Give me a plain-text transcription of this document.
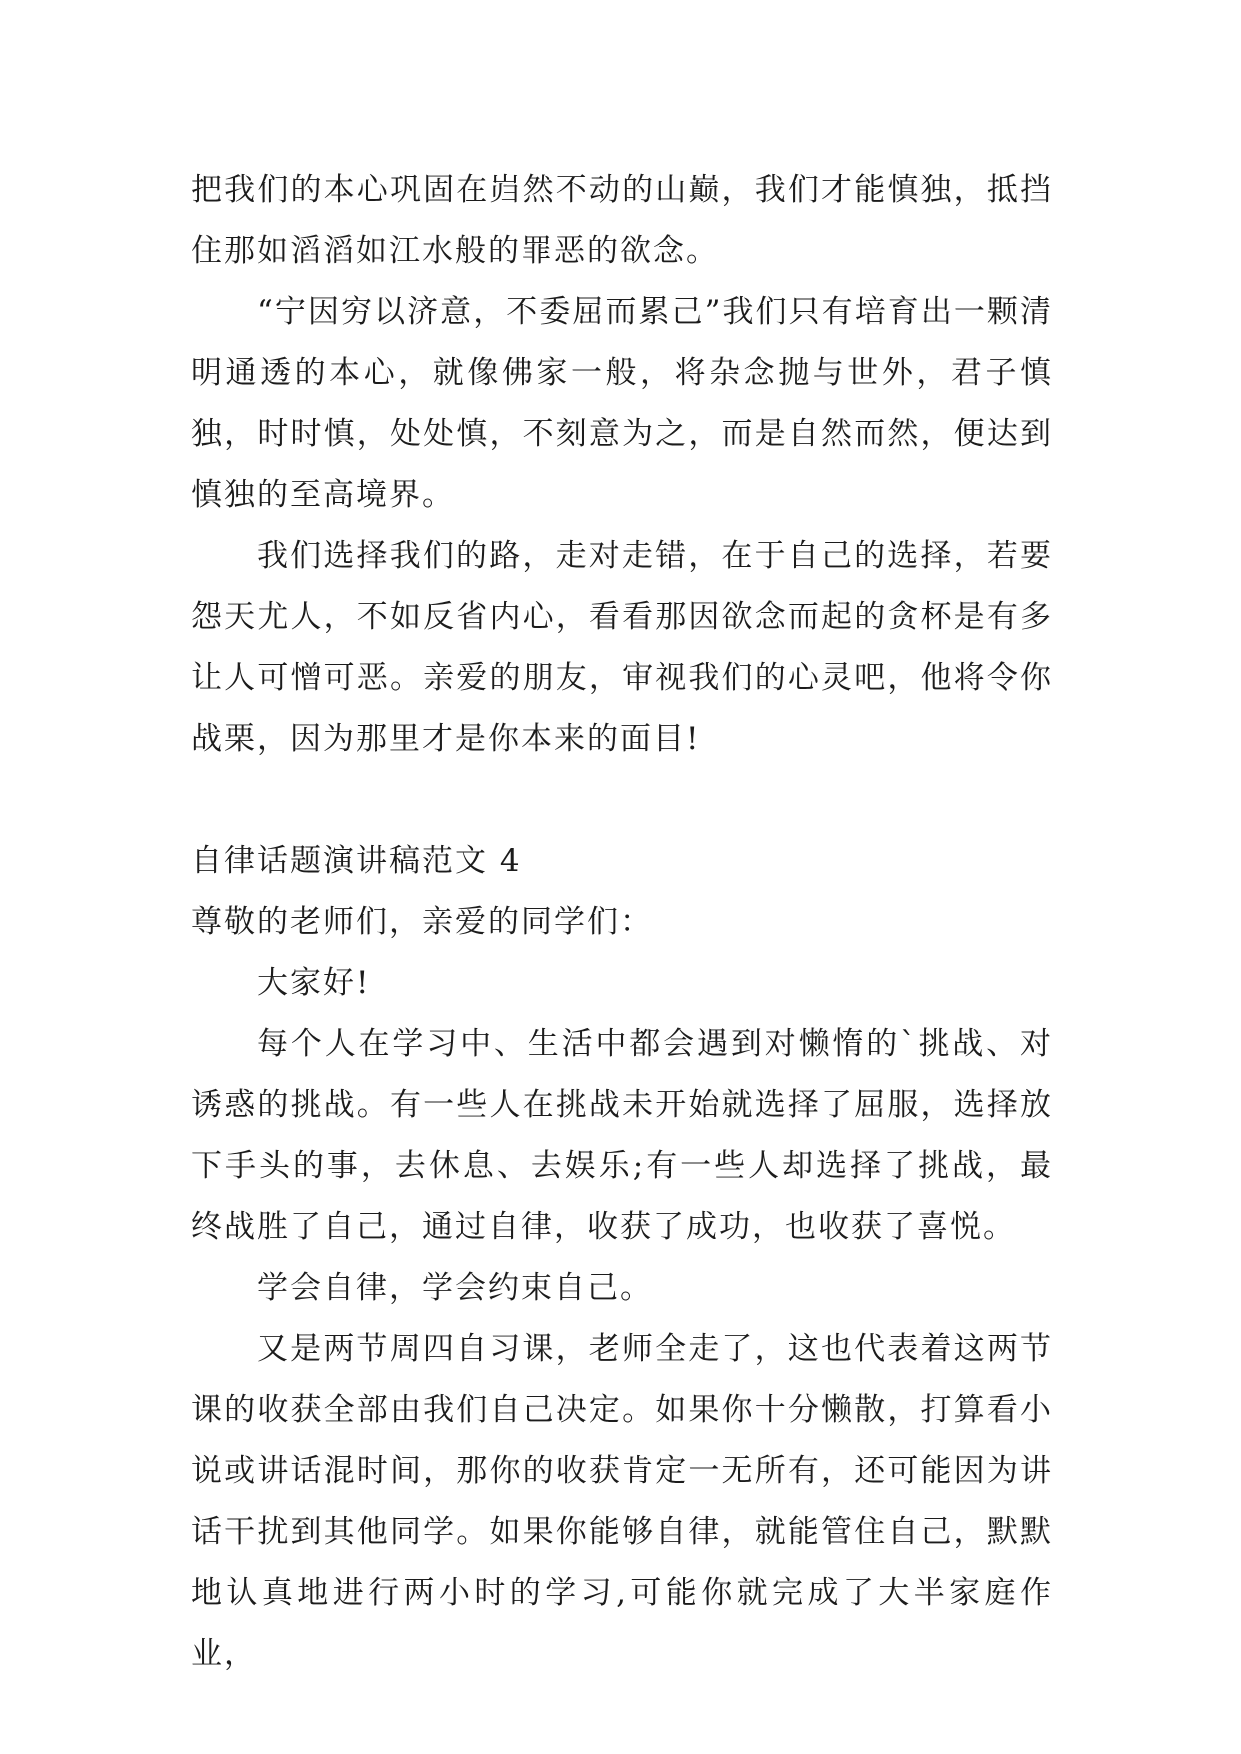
把我们的本心巩固在岿然不动的山巅，我们才能慎独，抵挡住那如滔滔如江水般的罪恶的欲念。

“宁因穷以济意，不委屈而累己”我们只有培育出一颗清明通透的本心，就像佛家一般，将杂念抛与世外，君子慎独，时时慎，处处慎，不刻意为之，而是自然而然，便达到慎独的至高境界。

我们选择我们的路，走对走错，在于自己的选择，若要怨天尤人，不如反省内心，看看那因欲念而起的贪杯是有多让人可憎可恶。亲爱的朋友，审视我们的心灵吧，他将令你战栗，因为那里才是你本来的面目!

自律话题演讲稿范文 4

尊敬的老师们，亲爱的同学们：

大家好!

每个人在学习中、生活中都会遇到对懒惰的`挑战、对诱惑的挑战。有一些人在挑战未开始就选择了屈服，选择放下手头的事，去休息、去娱乐;有一些人却选择了挑战，最终战胜了自己，通过自律，收获了成功，也收获了喜悦。

学会自律，学会约束自己。

又是两节周四自习课，老师全走了，这也代表着这两节课的收获全部由我们自己决定。如果你十分懒散，打算看小说或讲话混时间，那你的收获肯定一无所有，还可能因为讲话干扰到其他同学。如果你能够自律，就能管住自己，默默地认真地进行两小时的学习,可能你就完成了大半家庭作业，
